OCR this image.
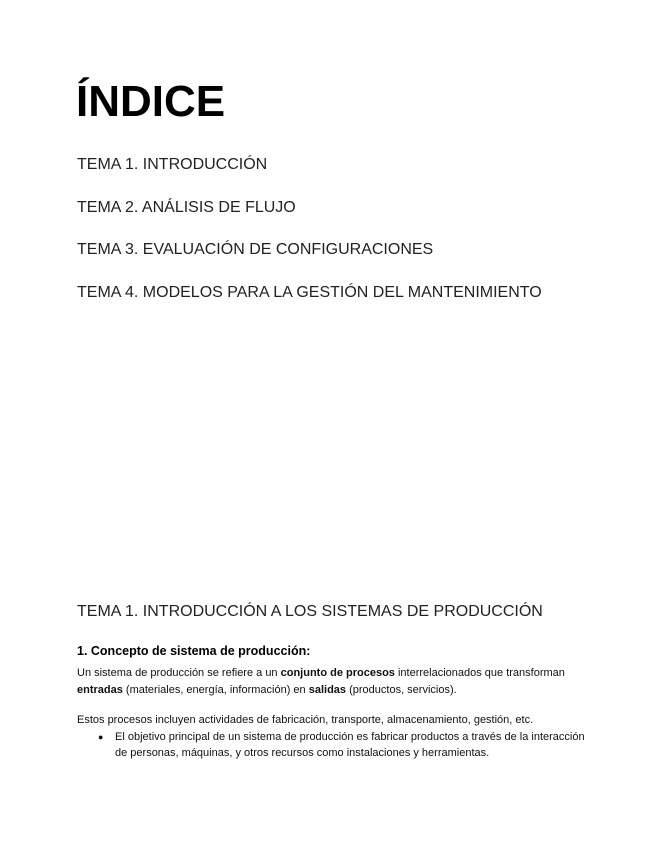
ÍNDICE
TEMA 1. INTRODUCCIÓN
TEMA 2. ANÁLISIS DE FLUJO
TEMA 3. EVALUACIÓN DE CONFIGURACIONES
TEMA 4. MODELOS PARA LA GESTIÓN DEL MANTENIMIENTO
TEMA 1. INTRODUCCIÓN A LOS SISTEMAS DE PRODUCCIÓN
1. Concepto de sistema de producción:

Un sistema de producción se refiere a un conjunto de procesos interrelacionados que transforman entradas (materiales, energía, información) en salidas (productos, servicios).

Estos procesos incluyen actividades de fabricación, transporte, almacenamiento, gestión, etc.

● El objetivo principal de un sistema de producción es fabricar productos a través de la interacción de personas, máquinas, y otros recursos como instalaciones y herramientas.
